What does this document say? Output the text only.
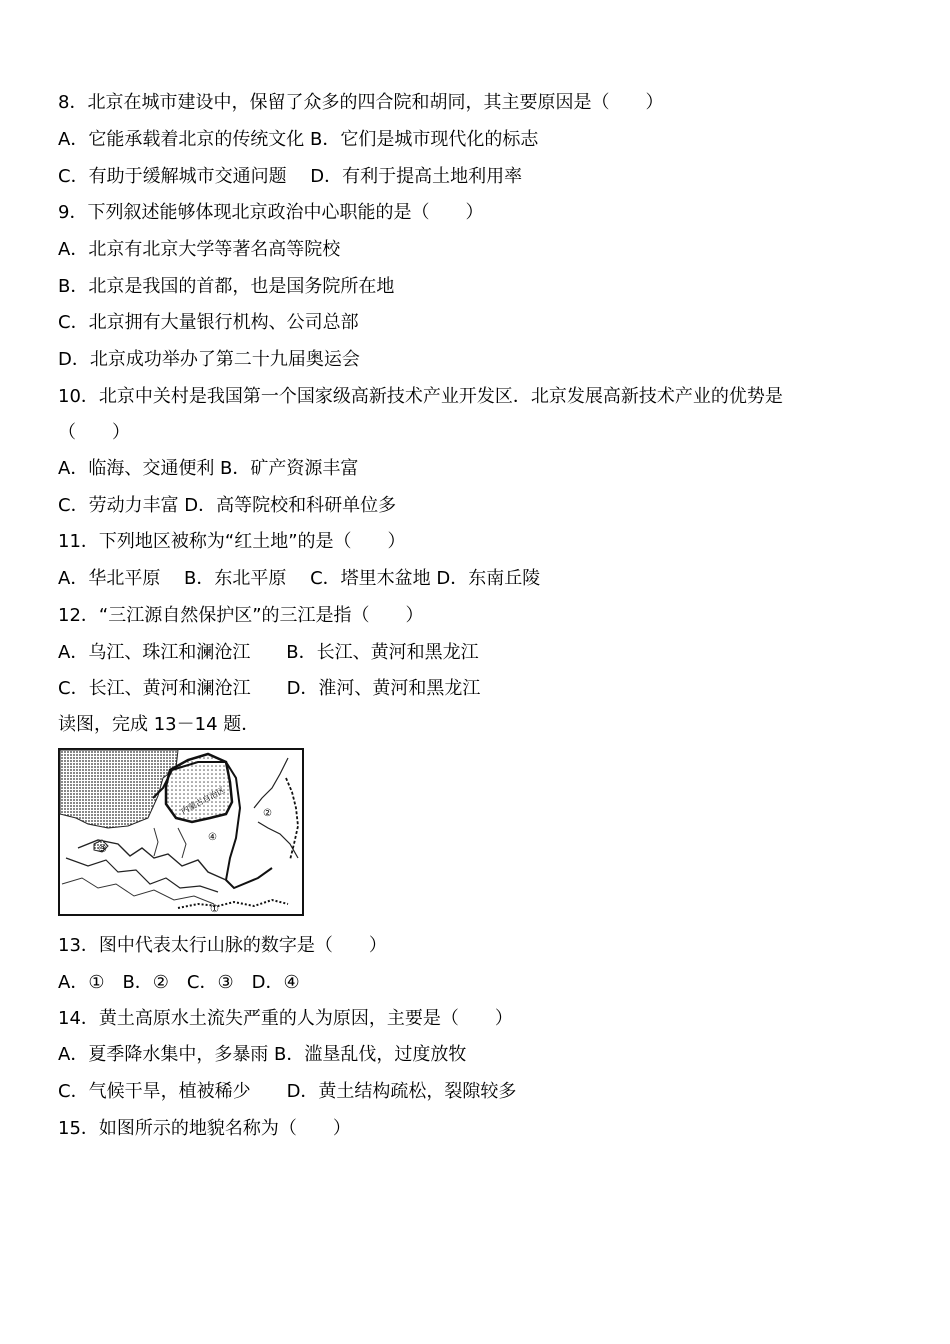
8．北京在城市建设中，保留了众多的四合院和胡同，其主要原因是（　　）
A．它能承载着北京的传统文化 B．它们是城市现代化的标志
C．有助于缓解城市交通问题　 D．有利于提高土地利用率
9．下列叙述能够体现北京政治中心职能的是（　　）
A．北京有北京大学等著名高等院校
B．北京是我国的首都，也是国务院所在地
C．北京拥有大量银行机构、公司总部
D．北京成功举办了第二十九届奥运会
10．北京中关村是我国第一个国家级高新技术产业开发区．北京发展高新技术产业的优势是
（　　）
A．临海、交通便利 B．矿产资源丰富
C．劳动力丰富 D．高等院校和科研单位多
11．下列地区被称为“红土地”的是（　　）
A．华北平原　 B．东北平原　 C．塔里木盆地 D．东南丘陵
12．“三江源自然保护区”的三江是指（　　）
A．乌江、珠江和澜沧江　　B．长江、黄河和黑龙江
C．长江、黄河和澜沧江　　D．淮河、黄河和黑龙江
读图，完成 13－14 题．
内蒙古自治区
①
②
③
④
13．图中代表太行山脉的数字是（　　）
A．①　B．②　C．③　D．④
14．黄土高原水土流失严重的人为原因，主要是（　　）
A．夏季降水集中，多暴雨 B．滥垦乱伐，过度放牧
C．气候干旱，植被稀少　　D．黄土结构疏松，裂隙较多
15．如图所示的地貌名称为（　　）
